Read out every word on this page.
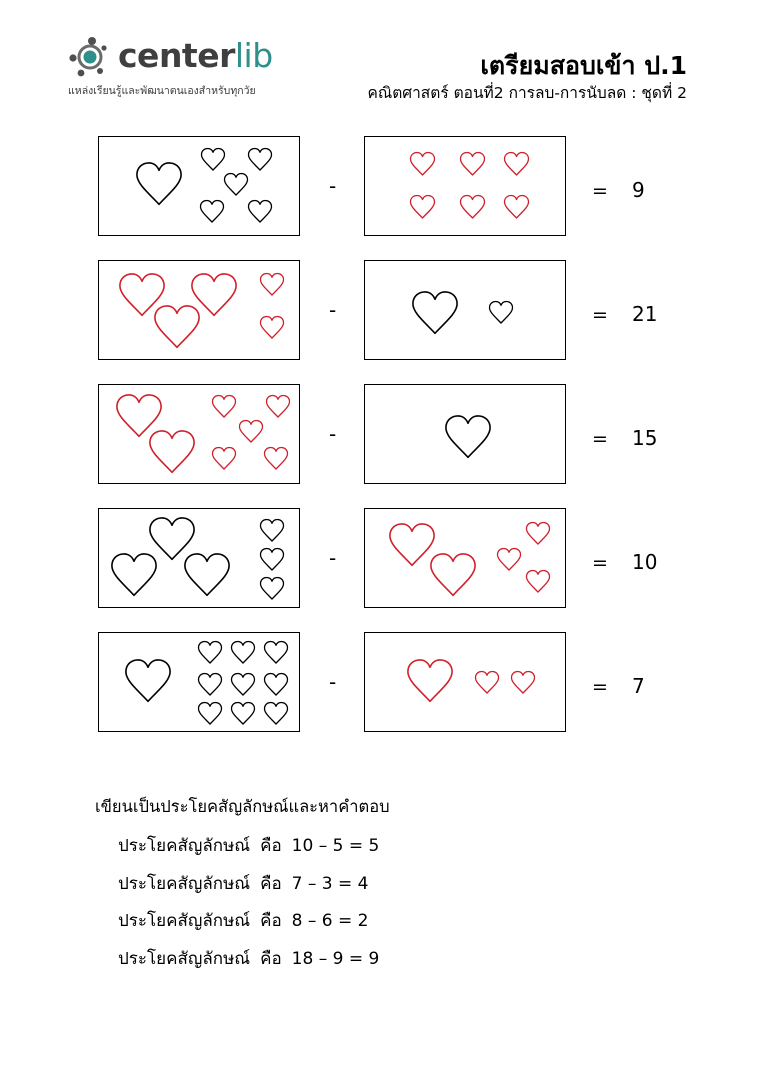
centerlib
แหล่งเรียนรู้และพัฒนาตนเองสำหรับทุกวัย
เตรียมสอบเข้า ป.1
คณิตศาสตร์ ตอนที่2 การลบ-การนับลด : ชุดที่ 2
-	= 9
-	= 21
-	= 15
-	= 10
-	= 7
เขียนเป็นประโยคสัญลักษณ์และหาคำตอบ
ประโยคสัญลักษณ์ คือ 10 – 5 = 5
ประโยคสัญลักษณ์ คือ 7 – 3 = 4
ประโยคสัญลักษณ์ คือ 8 – 6 = 2
ประโยคสัญลักษณ์ คือ 18 – 9 = 9
